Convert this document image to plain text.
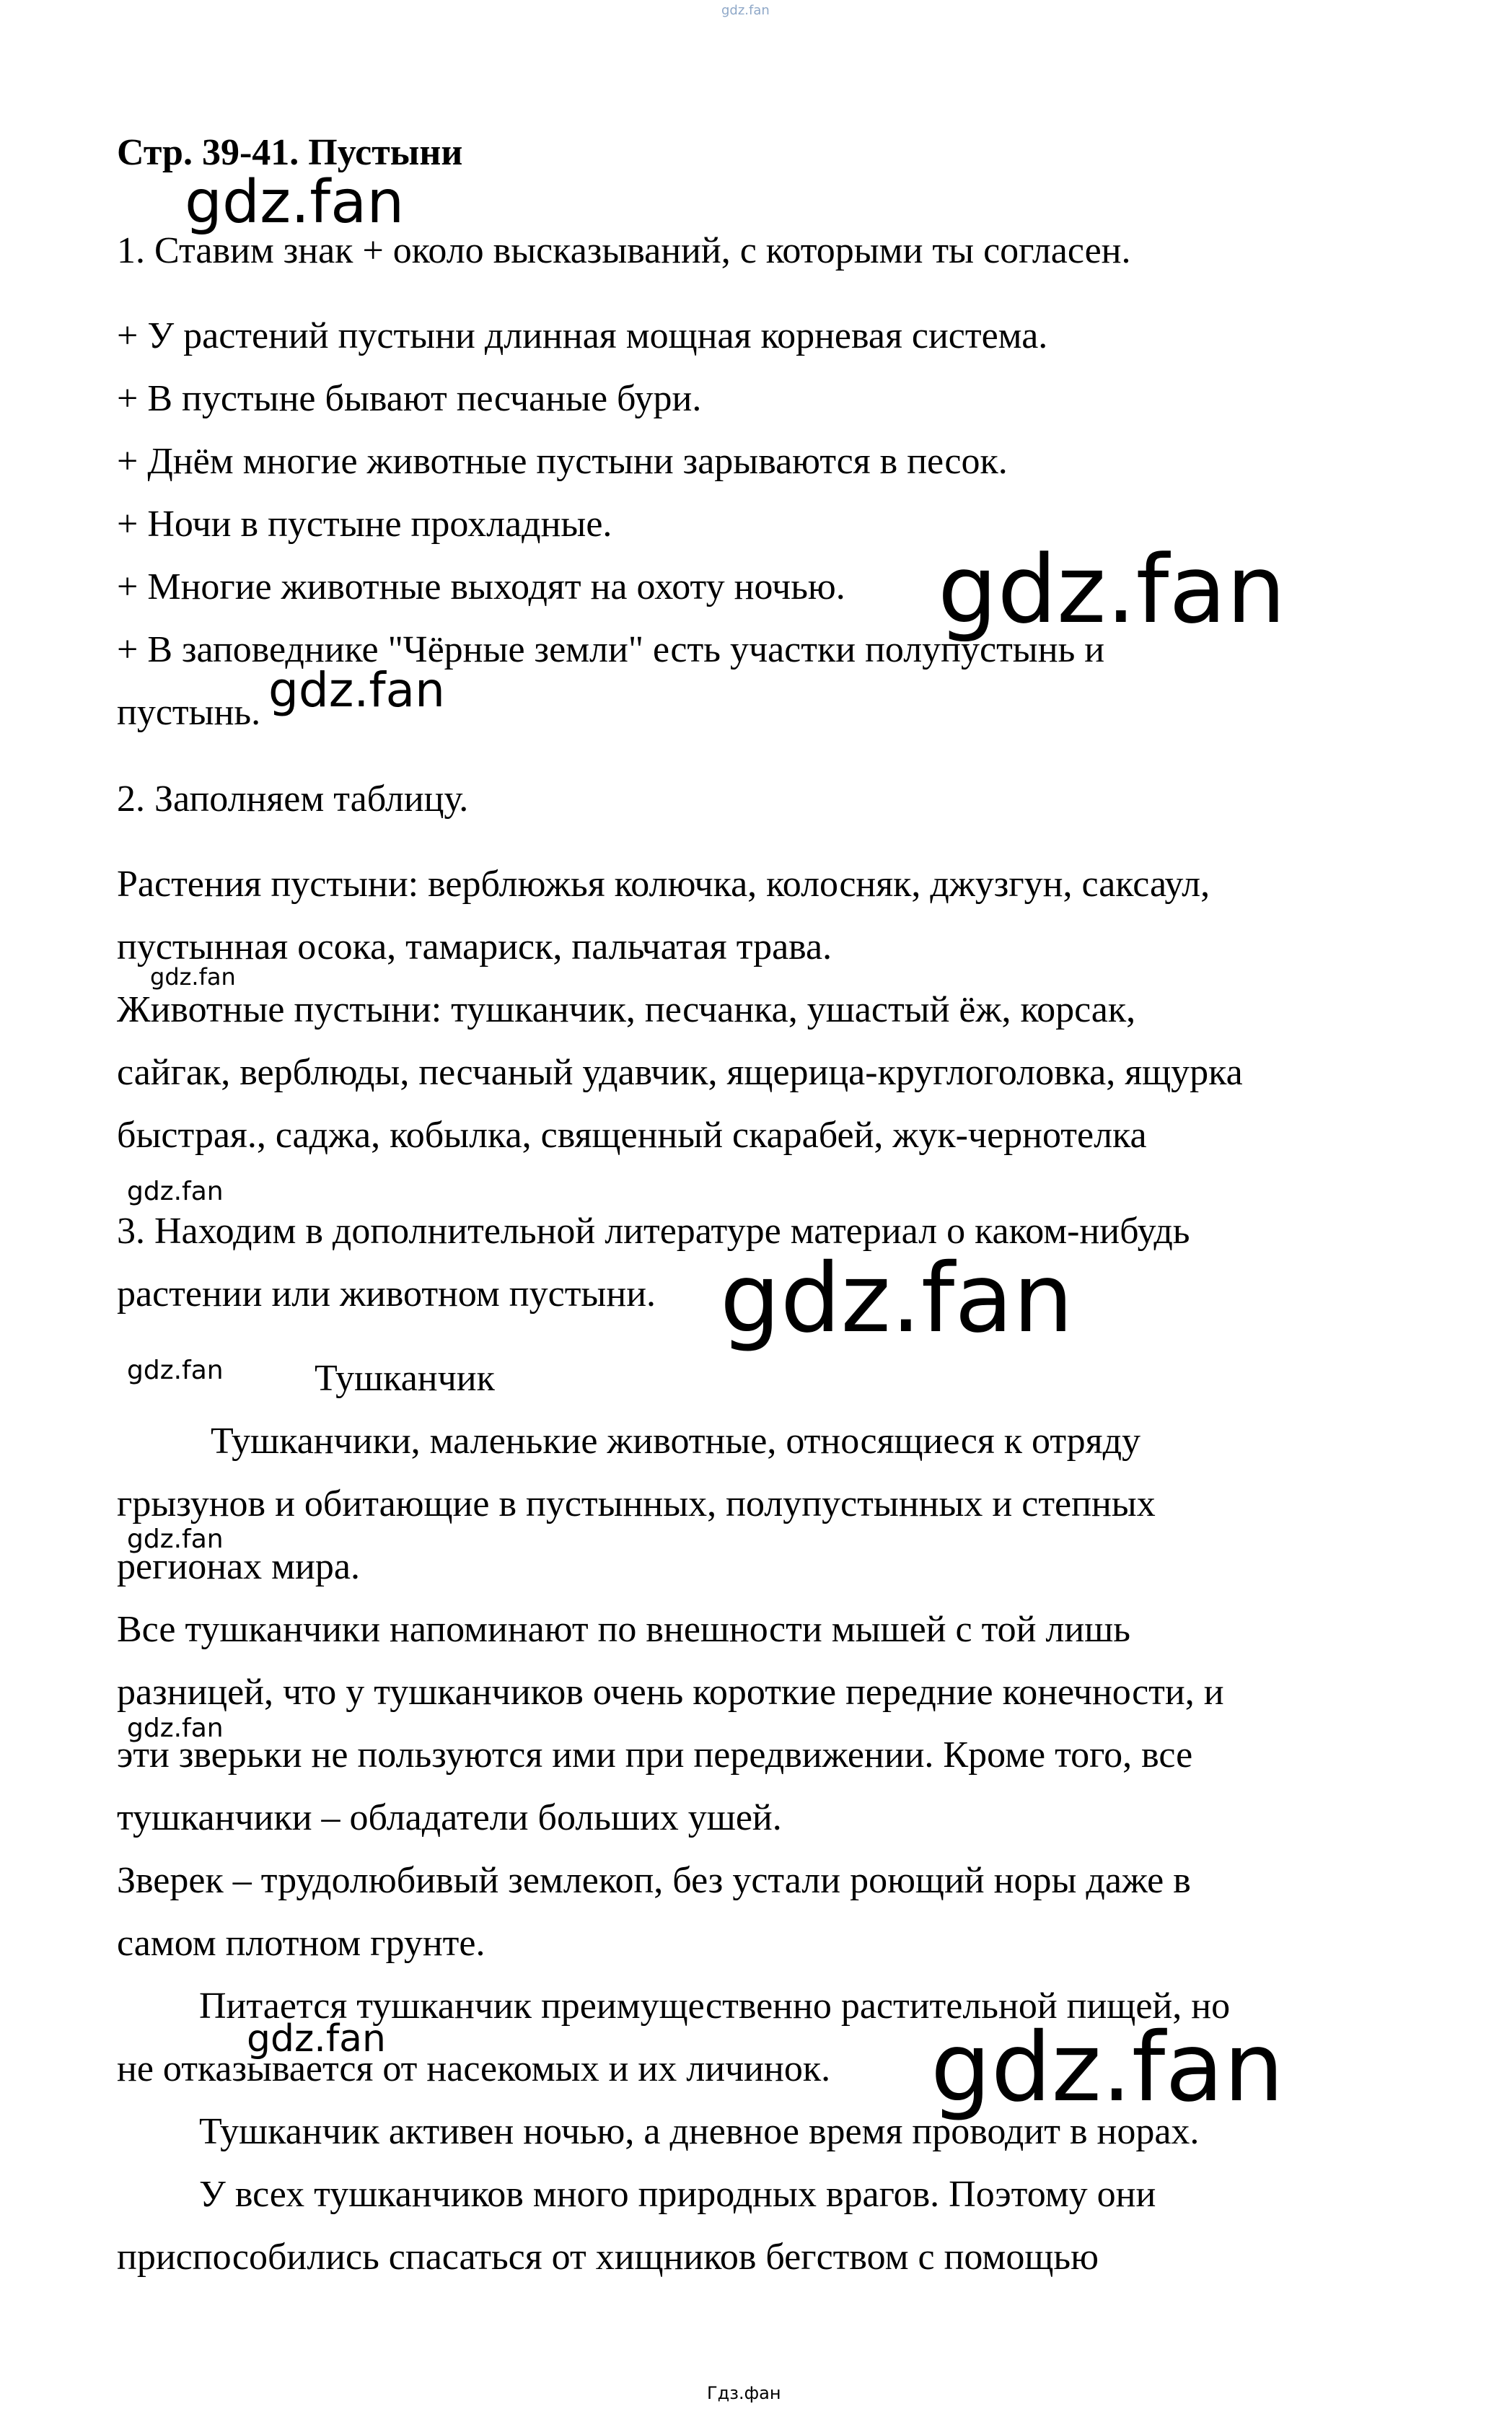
gdz.fan
Стр. 39-41. Пустыни
1. Ставим знак + около высказываний, с которыми ты согласен.
+ У растений пустыни длинная мощная корневая система.
+ В пустыне бывают песчаные бури.
+ Днём многие животные пустыни зарываются в песок.
+ Ночи в пустыне прохладные.
+ Многие животные выходят на охоту ночью.
+ В заповеднике "Чёрные земли" есть участки полупустынь и
пустынь.
2. Заполняем таблицу.
Растения пустыни: верблюжья колючка, колосняк, джузгун, саксаул,
пустынная осока, тамариск, пальчатая трава.
Животные пустыни: тушканчик, песчанка, ушастый ёж, корсак,
сайгак, верблюды, песчаный удавчик, ящерица-круглоголовка, ящурка
быстрая., саджа, кобылка, священный скарабей, жук-чернотелка
3. Находим в дополнительной литературе материал о каком-нибудь
растении или животном пустыни.
Тушканчик
Тушканчики, маленькие животные, относящиеся к отряду
грызунов и обитающие в пустынных, полупустынных и степных
регионах мира.
Все тушканчики напоминают по внешности мышей с той лишь
разницей, что у тушканчиков очень короткие передние конечности, и
эти зверьки не пользуются ими при передвижении. Кроме того, все
тушканчики – обладатели больших ушей.
Зверек – трудолюбивый землекоп, без устали роющий норы даже в
самом плотном грунте.
Питается тушканчик преимущественно растительной пищей, но
не отказывается от насекомых и их личинок.
Тушканчик активен ночью, а дневное время проводит в норах.
У всех тушканчиков много природных врагов. Поэтому они
приспособились спасаться от хищников бегством с помощью
gdz.fan
gdz.fan
gdz.fan
gdz.fan
gdz.fan
gdz.fan
gdz.fan
gdz.fan
gdz.fan
gdz.fan	gdz.fan
Гдз.фан
